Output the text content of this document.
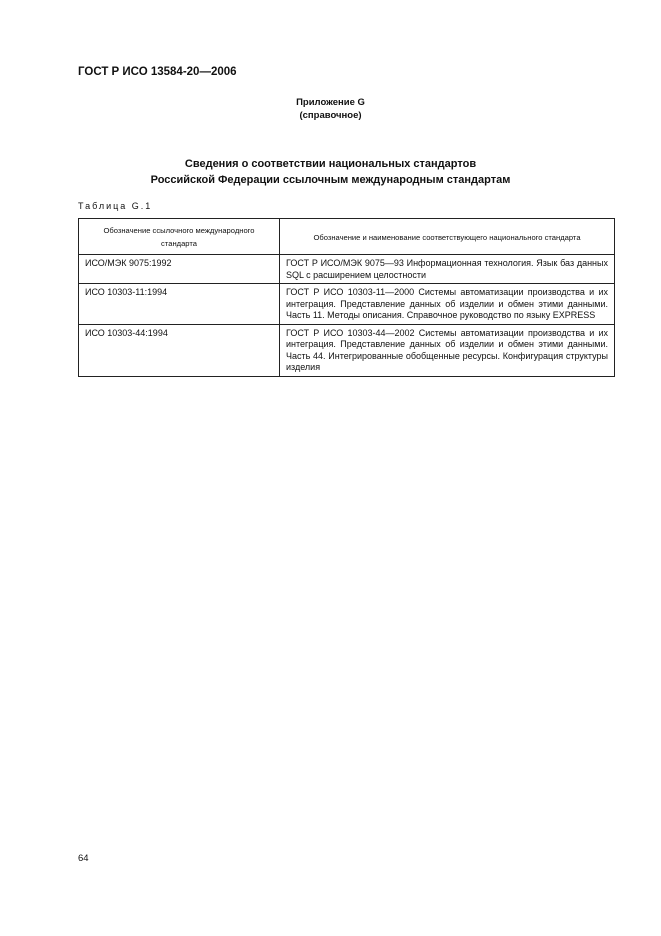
ГОСТ Р ИСО 13584-20—2006
Приложение G
(справочное)
Сведения о соответствии национальных стандартов
Российской Федерации ссылочным международным стандартам
Таблица G.1
Обозначение ссылочного международного стандарта	Обозначение и наименование соответствующего национального стандарта
ИСО/МЭК 9075:1992	ГОСТ Р ИСО/МЭК 9075—93 Информационная технология. Язык баз данных SQL с расширением целостности
ИСО 10303-11:1994	ГОСТ Р ИСО 10303-11—2000 Системы автоматизации производства и их интеграция. Представление данных об изделии и обмен этими данными. Часть 11. Методы описания. Справочное руководство по языку EXPRESS
ИСО 10303-44:1994	ГОСТ Р ИСО 10303-44—2002 Системы автоматизации производства и их интеграция. Представление данных об изделии и обмен этими данными. Часть 44. Интегрированные обобщенные ресурсы. Конфигурация структуры изделия
64
